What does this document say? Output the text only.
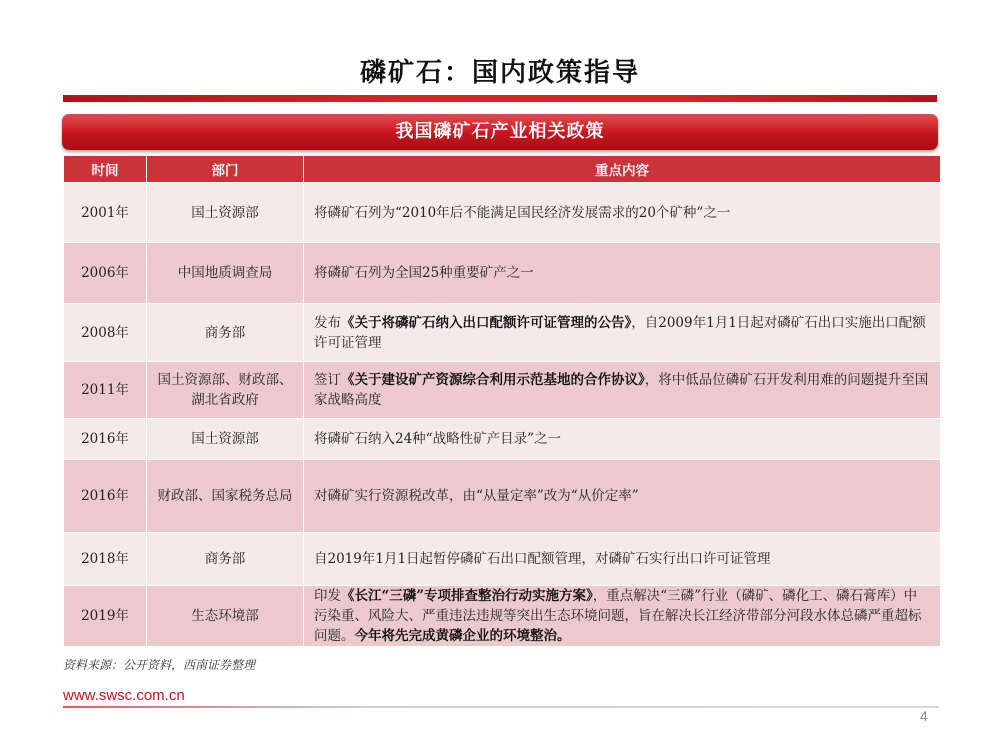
磷矿石：国内政策指导
我国磷矿石产业相关政策
时间	部门	重点内容
2001年	国土资源部	将磷矿石列为“2010年后不能满足国民经济发展需求的20个矿种”之一
2006年	中国地质调查局	将磷矿石列为全国25种重要矿产之一
2008年	商务部	发布《关于将磷矿石纳入出口配额许可证管理的公告》，自2009年1月1日起对磷矿石出口实施出口配额许可证管理
2011年	国土资源部、财政部、湖北省政府	签订《关于建设矿产资源综合利用示范基地的合作协议》，将中低品位磷矿石开发利用难的问题提升至国家战略高度
2016年	国土资源部	将磷矿石纳入24种“战略性矿产目录”之一
2016年	财政部、国家税务总局	对磷矿实行资源税改革，由“从量定率”改为“从价定率”
2018年	商务部	自2019年1月1日起暂停磷矿石出口配额管理，对磷矿石实行出口许可证管理
2019年	生态环境部	印发《长江“三磷”专项排查整治行动实施方案》，重点解决“三磷”行业（磷矿、磷化工、磷石膏库）中污染重、风险大、严重违法违规等突出生态环境问题，旨在解决长江经济带部分河段水体总磷严重超标问题。今年将先完成黄磷企业的环境整治。
资料来源：公开资料，西南证券整理
www.swsc.com.cn
4
